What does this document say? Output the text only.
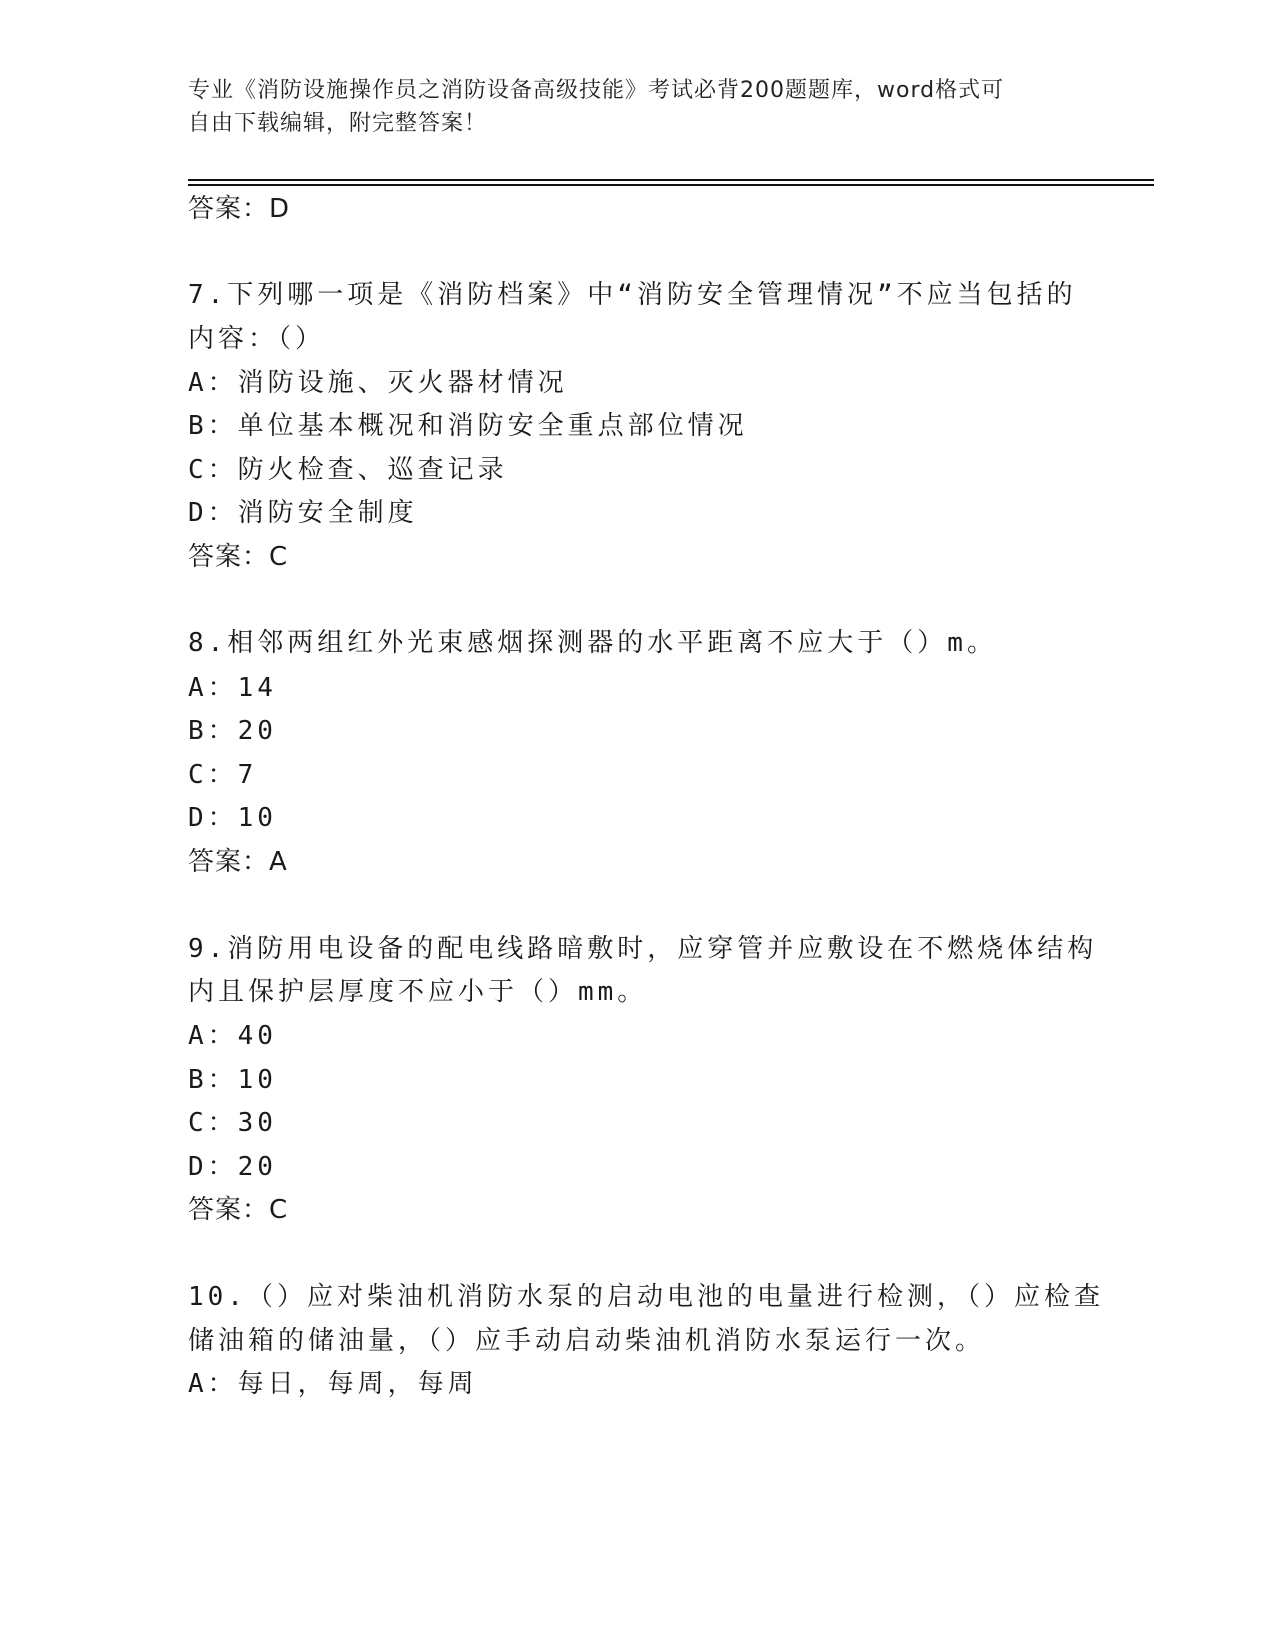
专业《消防设施操作员之消防设备高级技能》考试必背200题题库，word格式可
自由下载编辑，附完整答案！
答案：D
7.下列哪一项是《消防档案》中“消防安全管理情况”不应当包括的
内容：（）
A：消防设施、灭火器材情况
B：单位基本概况和消防安全重点部位情况
C：防火检查、巡查记录
D：消防安全制度
答案：C
8.相邻两组红外光束感烟探测器的水平距离不应大于（）m。
A：14
B：20
C：7
D：10
答案：A
9.消防用电设备的配电线路暗敷时，应穿管并应敷设在不燃烧体结构
内且保护层厚度不应小于（）mm。
A：40
B：10
C：30
D：20
答案：C
10.（）应对柴油机消防水泵的启动电池的电量进行检测，（）应检查
储油箱的储油量，（）应手动启动柴油机消防水泵运行一次。
A：每日，每周，每周
